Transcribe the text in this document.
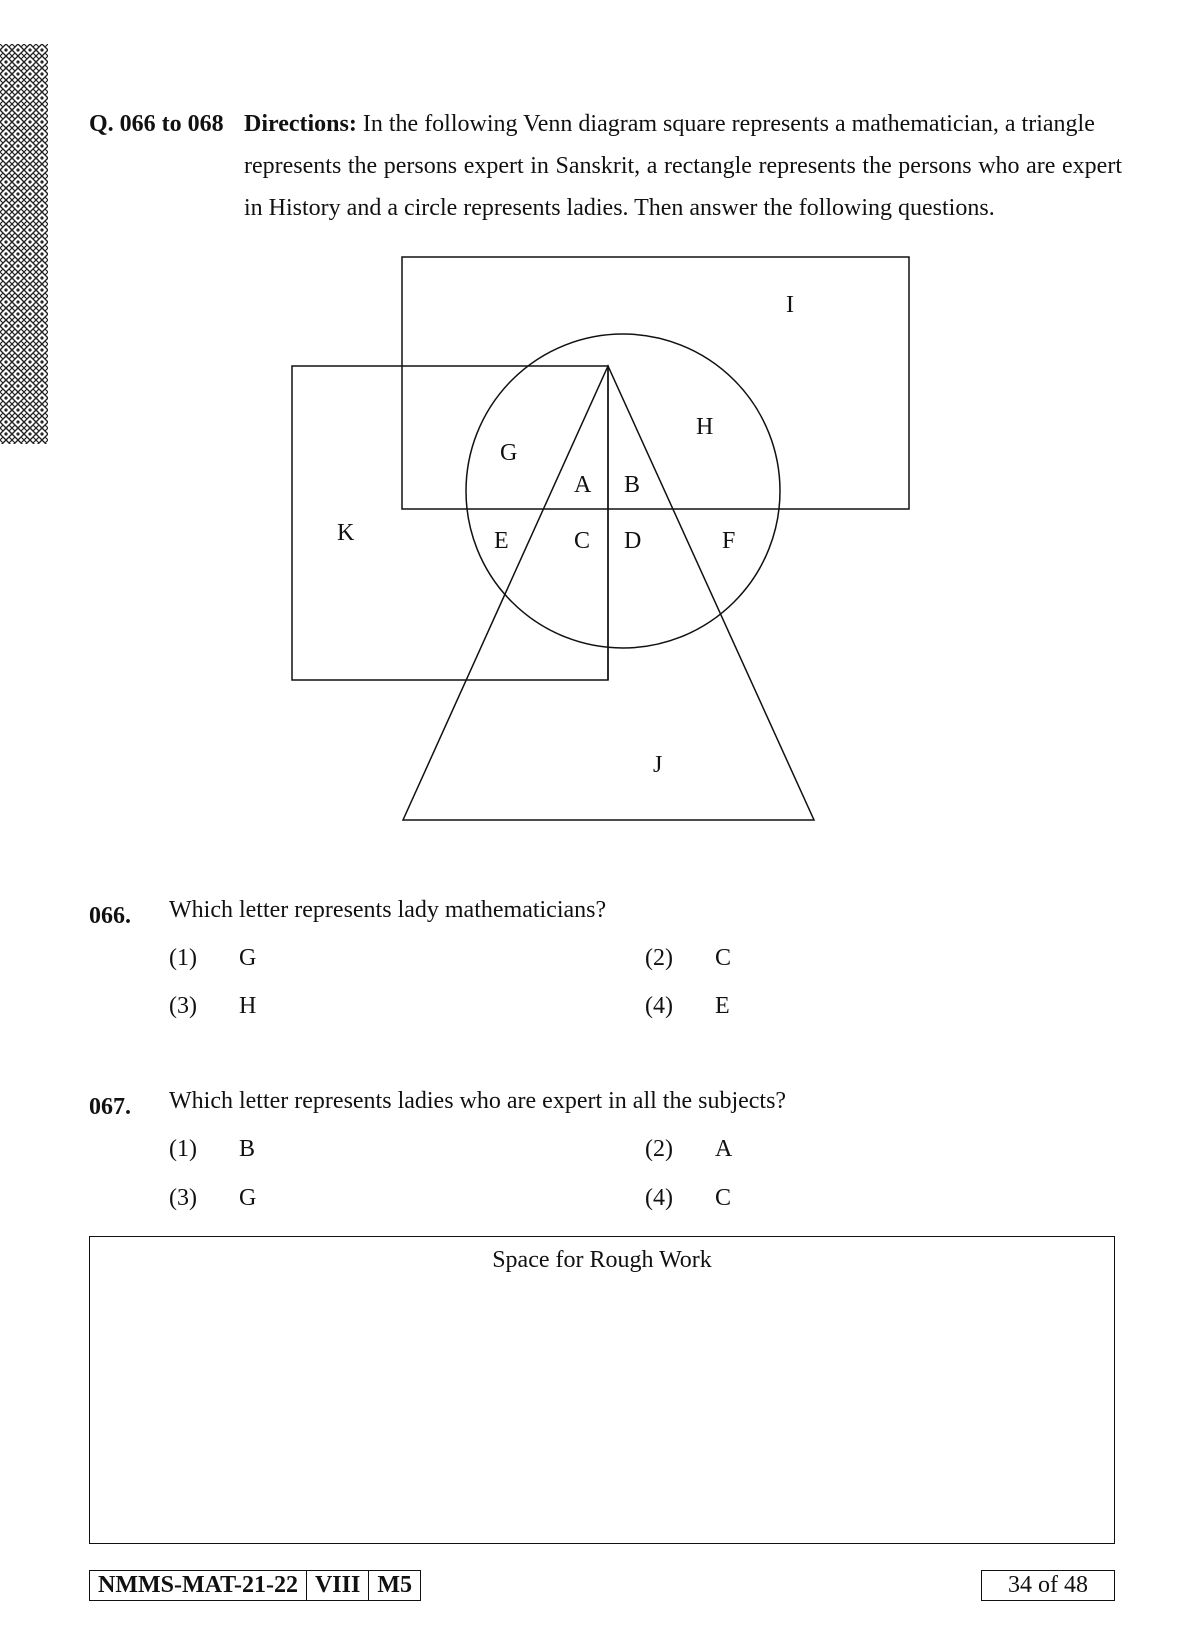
Q. 066 to 068 Directions: In the following Venn diagram square represents a mathematician, a triangle
represents the persons expert in Sanskrit, a rectangle represents the persons who are expert in History and a circle represents ladies. Then answer the following questions.
I
H
G
A B
K	E	C D	F
J
066. Which letter represents lady mathematicians?
(1) G	(2) C
(3) H	(4) E
067. Which letter represents ladies who are expert in all the subjects?
(1) B	(2) A
(3) G	(4) C
Space for Rough Work
NMMS-MAT-21-22 VIII M5	34 of 48
